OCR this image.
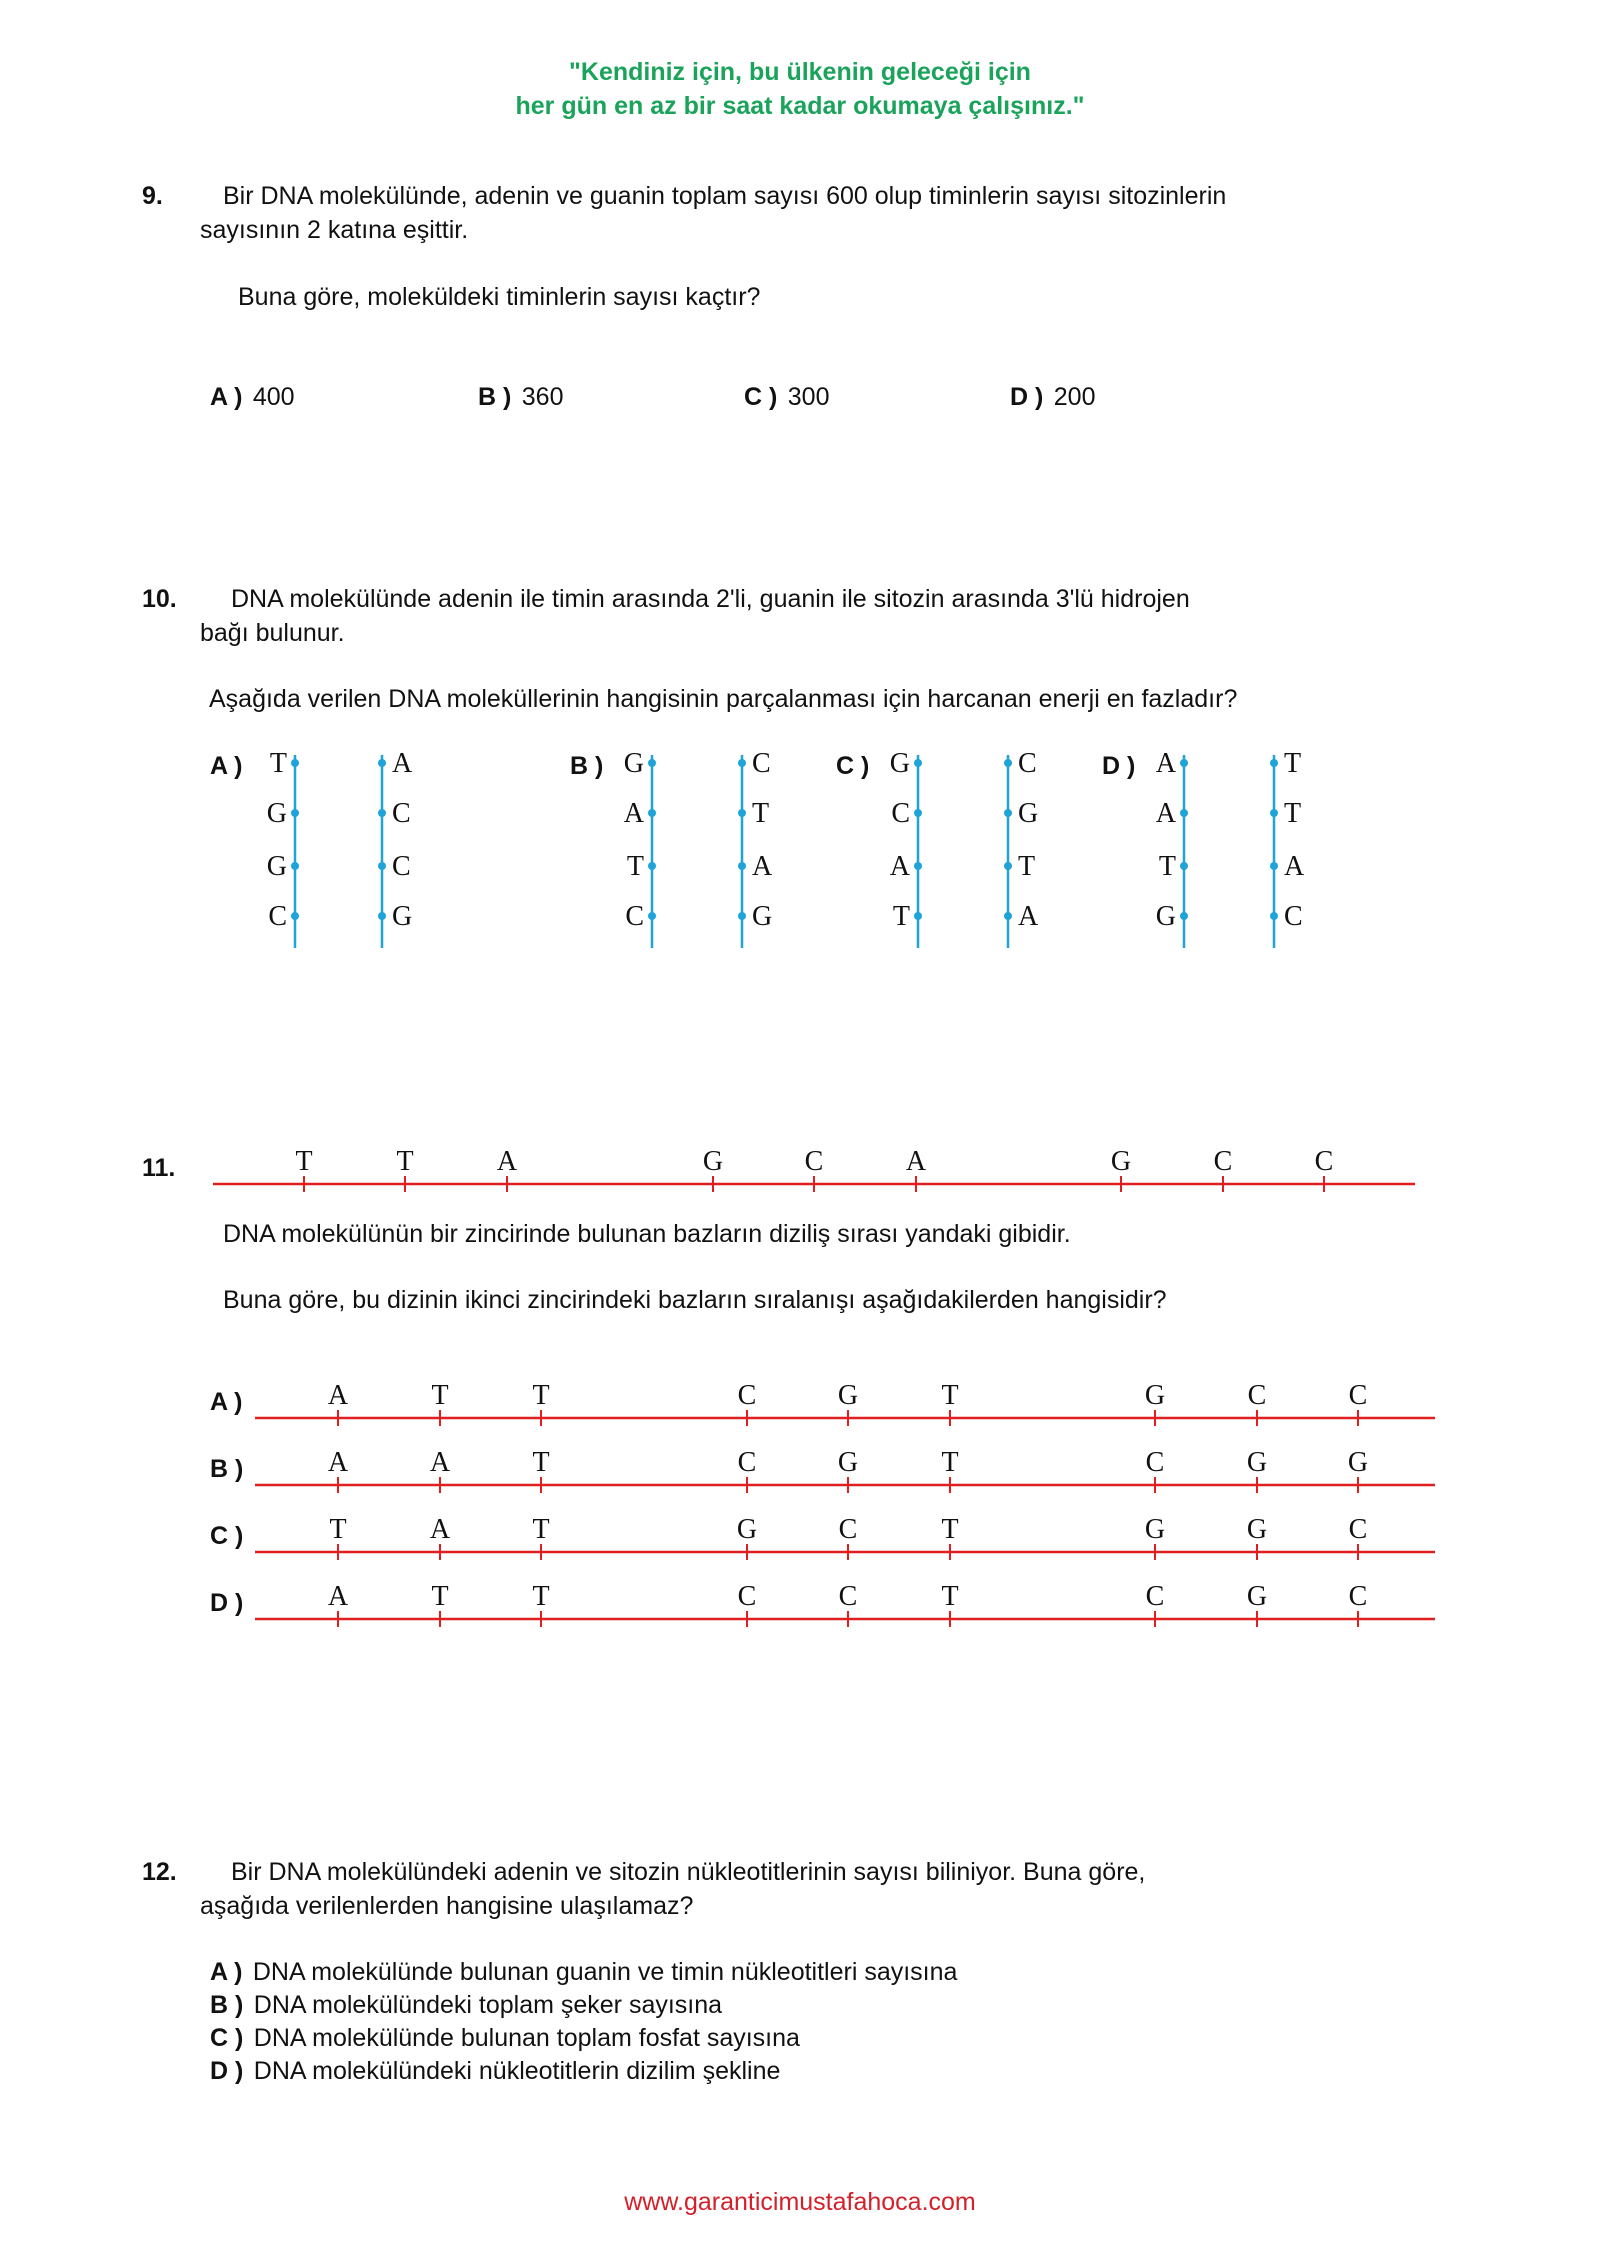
"Kendiniz için, bu ülkenin geleceği için
her gün en az bir saat kadar okumaya çalışınız."
9. Bir DNA molekülünde, adenin ve guanin toplam sayısı 600 olup timinlerin sayısı sitozinlerin
sayısının 2 katına eşittir.
Buna göre, moleküldeki timinlerin sayısı kaçtır?
A ) 400	B ) 360	C ) 300	D ) 200
10. DNA molekülünde adenin ile timin arasında 2'li, guanin ile sitozin arasında 3'lü hidrojen
bağı bulunur.
Aşağıda verilen DNA moleküllerinin hangisinin parçalanması için harcanan enerji en fazladır?
A )	B )	C )	D )
T
G
G
C
A
C
C
G
G
A
T
C
C
T
A
G
G
C
A
T
C
G
T
A
A
A
T
G
T
T
A
C
11.	T	T	A	G	C	A	G	C	C
A	T	T	C	G	T	G	C	C
A	A	T	C	G	T	C	G	G
T	A	T	G	C	T	G	G	C
A	T	T	C	C	T	C	G	C
DNA molekülünün bir zincirinde bulunan bazların diziliş sırası yandaki gibidir.
Buna göre, bu dizinin ikinci zincirindeki bazların sıralanışı aşağıdakilerden hangisidir?
A )
B )
C )
D )
12. Bir DNA molekülündeki adenin ve sitozin nükleotitlerinin sayısı biliniyor. Buna göre,
aşağıda verilenlerden hangisine ulaşılamaz?
A ) DNA molekülünde bulunan guanin ve timin nükleotitleri sayısına
B ) DNA molekülündeki toplam şeker sayısına
C ) DNA molekülünde bulunan toplam fosfat sayısına
D ) DNA molekülündeki nükleotitlerin dizilim şekline
www.garanticimustafahoca.com
